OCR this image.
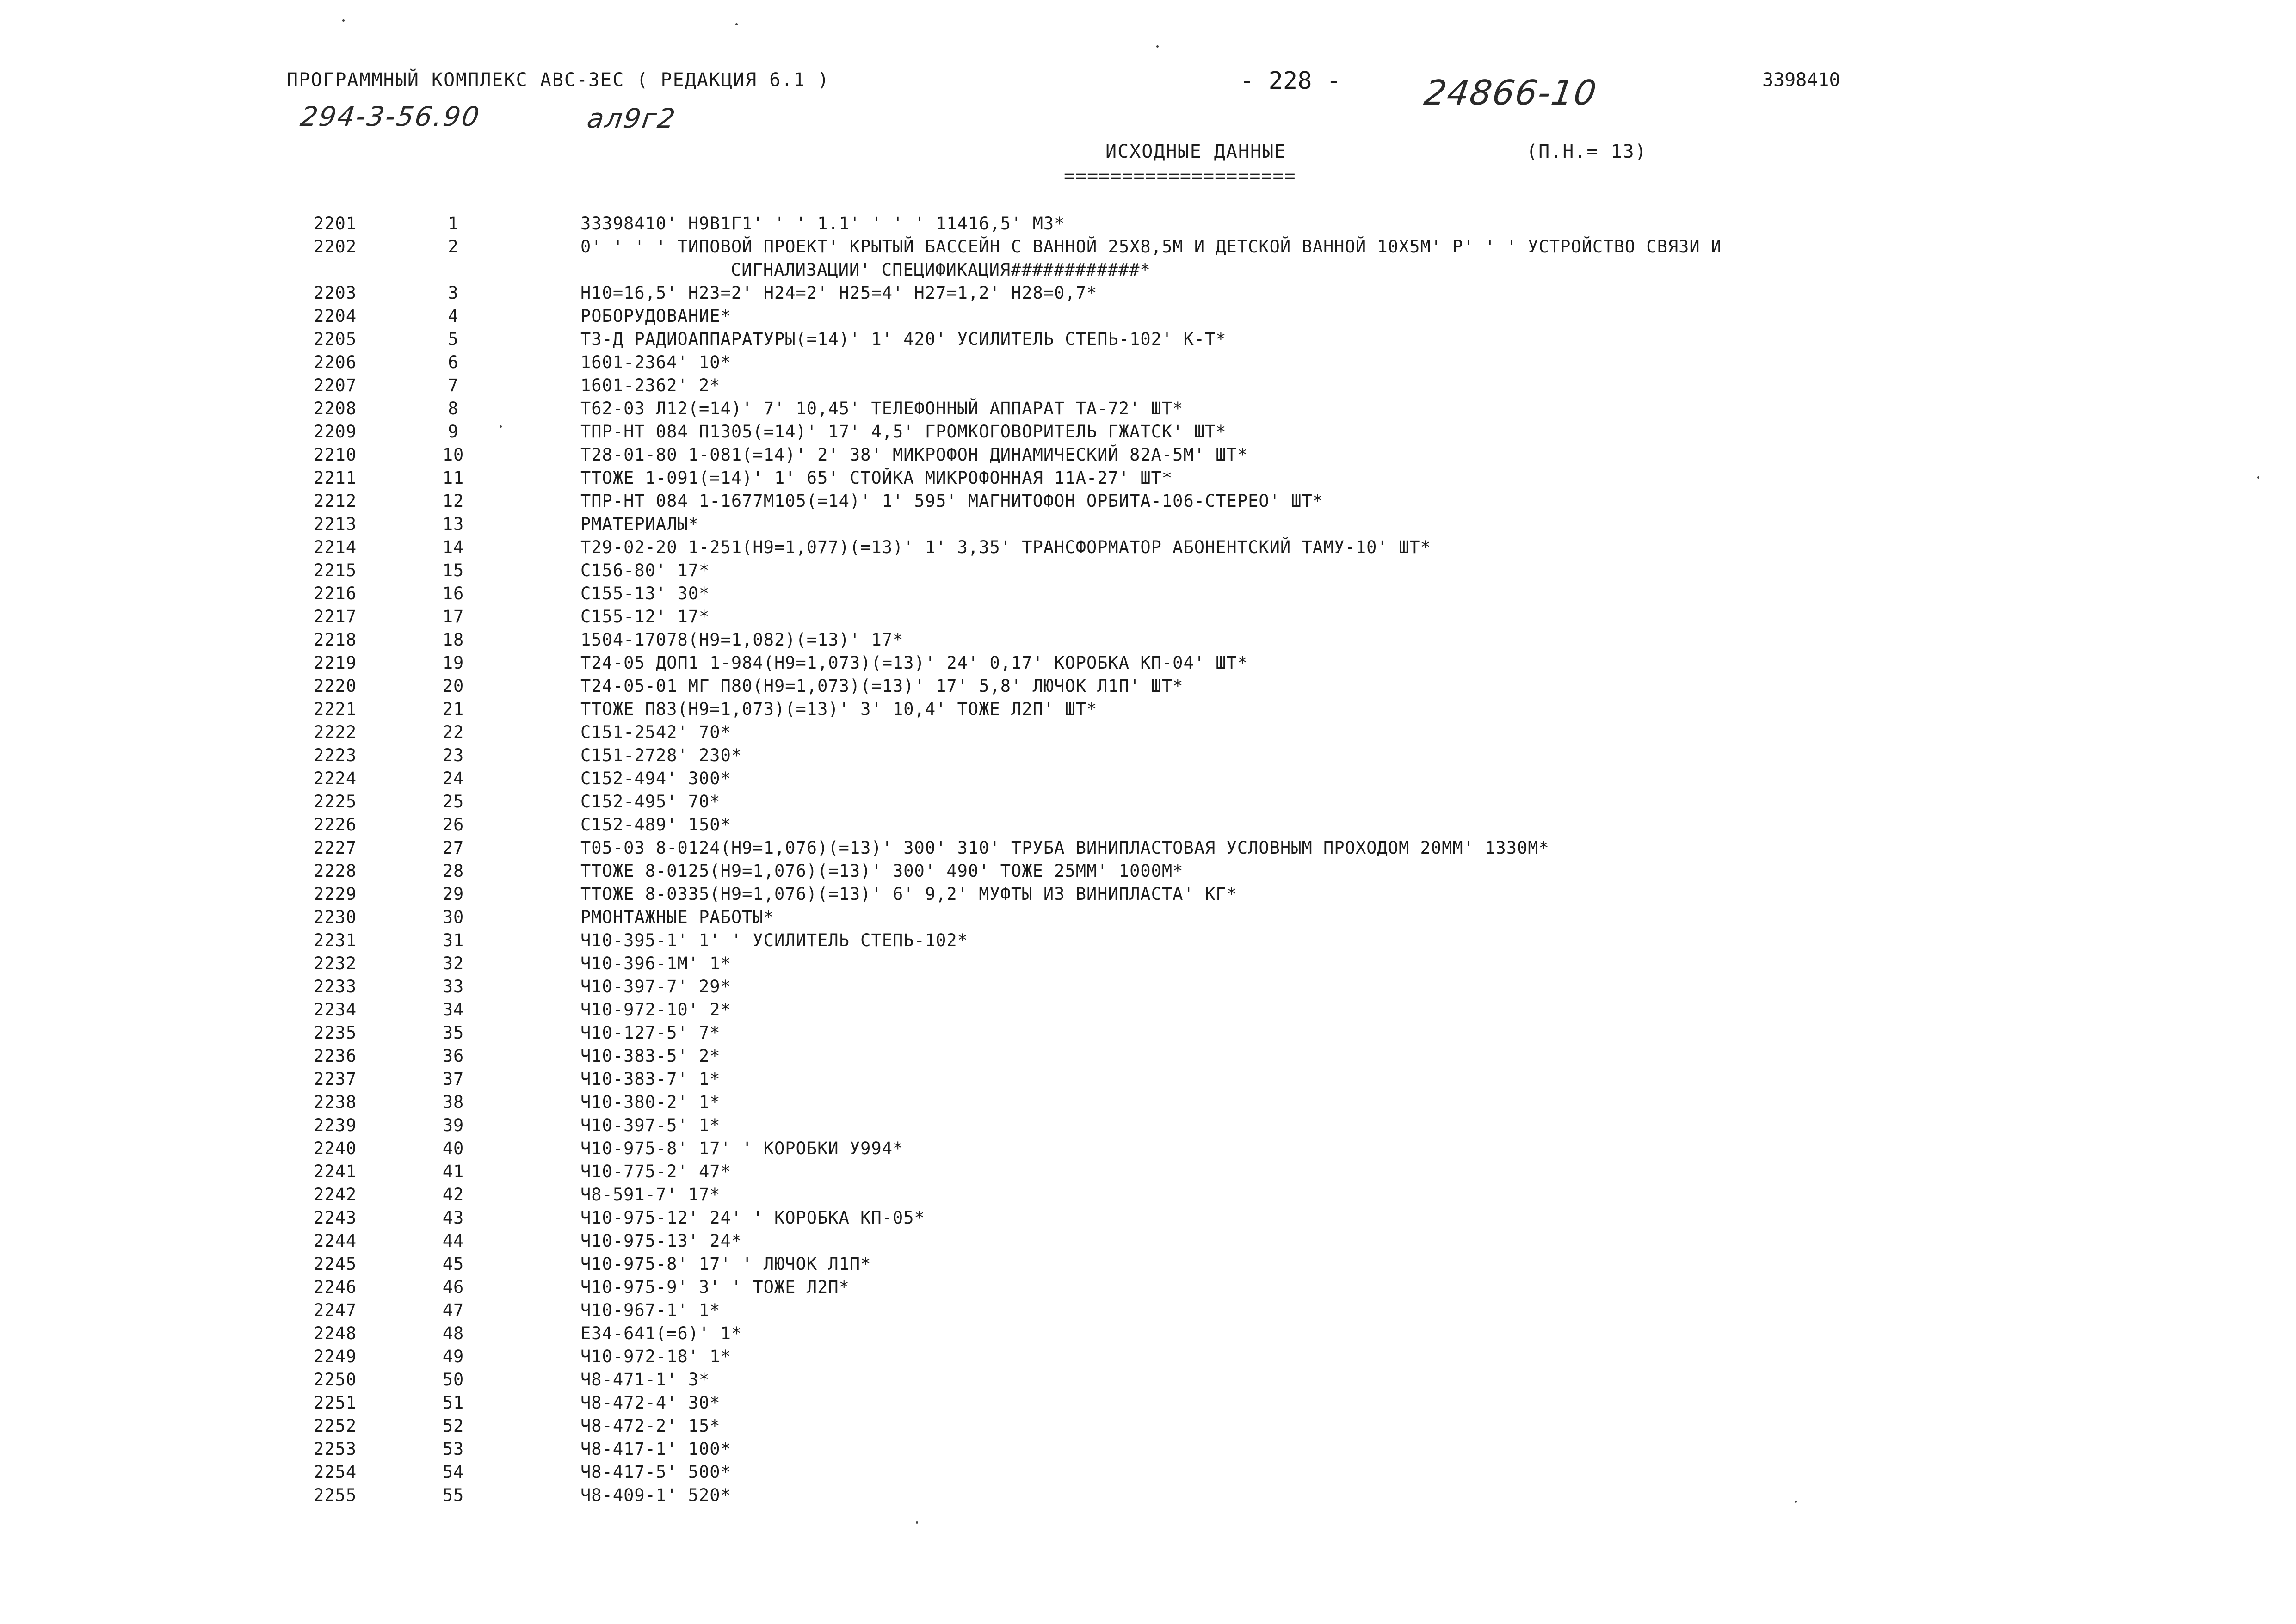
ПРОГРАММНЫЙ КОМПЛЕКС АВС-ЗЕС ( РЕДАКЦИЯ 6.1 )	- 228 - 24866-10	3398410
294-3-56.90	ал9г2
ИСХОДНЫЕ ДАННЫЕ	(П.Н.= 13)
====================
2201	1	33398410' Н9В1Г1' ' ' 1.1' ' ' ' 11416,5' М3*
2202	2	0' ' ' ' ТИПОВОЙ ПРОЕКТ' КРЫТЫЙ БАССЕЙН С ВАННОЙ 25Х8,5М И ДЕТСКОЙ ВАННОЙ 10Х5М' Р' ' ' УСТРОЙСТВО СВЯЗИ И
СИГНАЛИЗАЦИИ' СПЕЦИФИКАЦИЯ############*
2203	3	Н10=16,5' Н23=2' Н24=2' Н25=4' Н27=1,2' Н28=0,7*
2204	4	РОБОРУДОВАНИЕ*
2205	5	Т3-Д РАДИОАППАРАТУРЫ(=14)' 1' 420' УСИЛИТЕЛЬ СТЕПЬ-102' К-Т*
2206	6	1601-2364' 10*
2207	7	1601-2362' 2*
2208	8	Т62-03 Л12(=14)' 7' 10,45' ТЕЛЕФОННЫЙ АППАРАТ ТА-72' ШТ*
2209	9	ТПР-НТ 084 П1305(=14)' 17' 4,5' ГРОМКОГОВОРИТЕЛЬ ГЖАТСК' ШТ*
2210	10	Т28-01-80 1-081(=14)' 2' 38' МИКРОФОН ДИНАМИЧЕСКИЙ 82А-5М' ШТ*
2211	11	ТТОЖЕ 1-091(=14)' 1' 65' СТОЙКА МИКРОФОННАЯ 11А-27' ШТ*
2212	12	ТПР-НТ 084 1-1677М105(=14)' 1' 595' МАГНИТОФОН ОРБИТА-106-СТЕРЕО' ШТ*
2213	13	РМАТЕРИАЛЫ*
2214	14	Т29-02-20 1-251(Н9=1,077)(=13)' 1' 3,35' ТРАНСФОРМАТОР АБОНЕНТСКИЙ ТАМУ-10' ШТ*
2215	15	С156-80' 17*
2216	16	С155-13' 30*
2217	17	С155-12' 17*
2218	18	1504-17078(Н9=1,082)(=13)' 17*
2219	19	Т24-05 ДОП1 1-984(Н9=1,073)(=13)' 24' 0,17' КОРОБКА КП-04' ШТ*
2220	20	Т24-05-01 МГ П80(Н9=1,073)(=13)' 17' 5,8' ЛЮЧОК Л1П' ШТ*
2221	21	ТТОЖЕ П83(Н9=1,073)(=13)' 3' 10,4' ТОЖЕ Л2П' ШТ*
2222	22	С151-2542' 70*
2223	23	С151-2728' 230*
2224	24	С152-494' 300*
2225	25	С152-495' 70*
2226	26	С152-489' 150*
2227	27	Т05-03 8-0124(Н9=1,076)(=13)' 300' 310' ТРУБА ВИНИПЛАСТОВАЯ УСЛОВНЫМ ПРОХОДОМ 20ММ' 1330М*
2228	28	ТТОЖЕ 8-0125(Н9=1,076)(=13)' 300' 490' ТОЖЕ 25ММ' 1000М*
2229	29	ТТОЖЕ 8-0335(Н9=1,076)(=13)' 6' 9,2' МУФТЫ ИЗ ВИНИПЛАСТА' КГ*
2230	30	РМОНТАЖНЫЕ РАБОТЫ*
2231	31	Ч10-395-1' 1' ' УСИЛИТЕЛЬ СТЕПЬ-102*
2232	32	Ч10-396-1М' 1*
2233	33	Ч10-397-7' 29*
2234	34	Ч10-972-10' 2*
2235	35	Ч10-127-5' 7*
2236	36	Ч10-383-5' 2*
2237	37	Ч10-383-7' 1*
2238	38	Ч10-380-2' 1*
2239	39	Ч10-397-5' 1*
2240	40	Ч10-975-8' 17' ' КОРОБКИ У994*
2241	41	Ч10-775-2' 47*
2242	42	Ч8-591-7' 17*
2243	43	Ч10-975-12' 24' ' КОРОБКА КП-05*
2244	44	Ч10-975-13' 24*
2245	45	Ч10-975-8' 17' ' ЛЮЧОК Л1П*
2246	46	Ч10-975-9' 3' ' ТОЖЕ Л2П*
2247	47	Ч10-967-1' 1*
2248	48	Е34-641(=6)' 1*
2249	49	Ч10-972-18' 1*
2250	50	Ч8-471-1' 3*
2251	51	Ч8-472-4' 30*
2252	52	Ч8-472-2' 15*
2253	53	Ч8-417-1' 100*
2254	54	Ч8-417-5' 500*
2255	55	Ч8-409-1' 520*
